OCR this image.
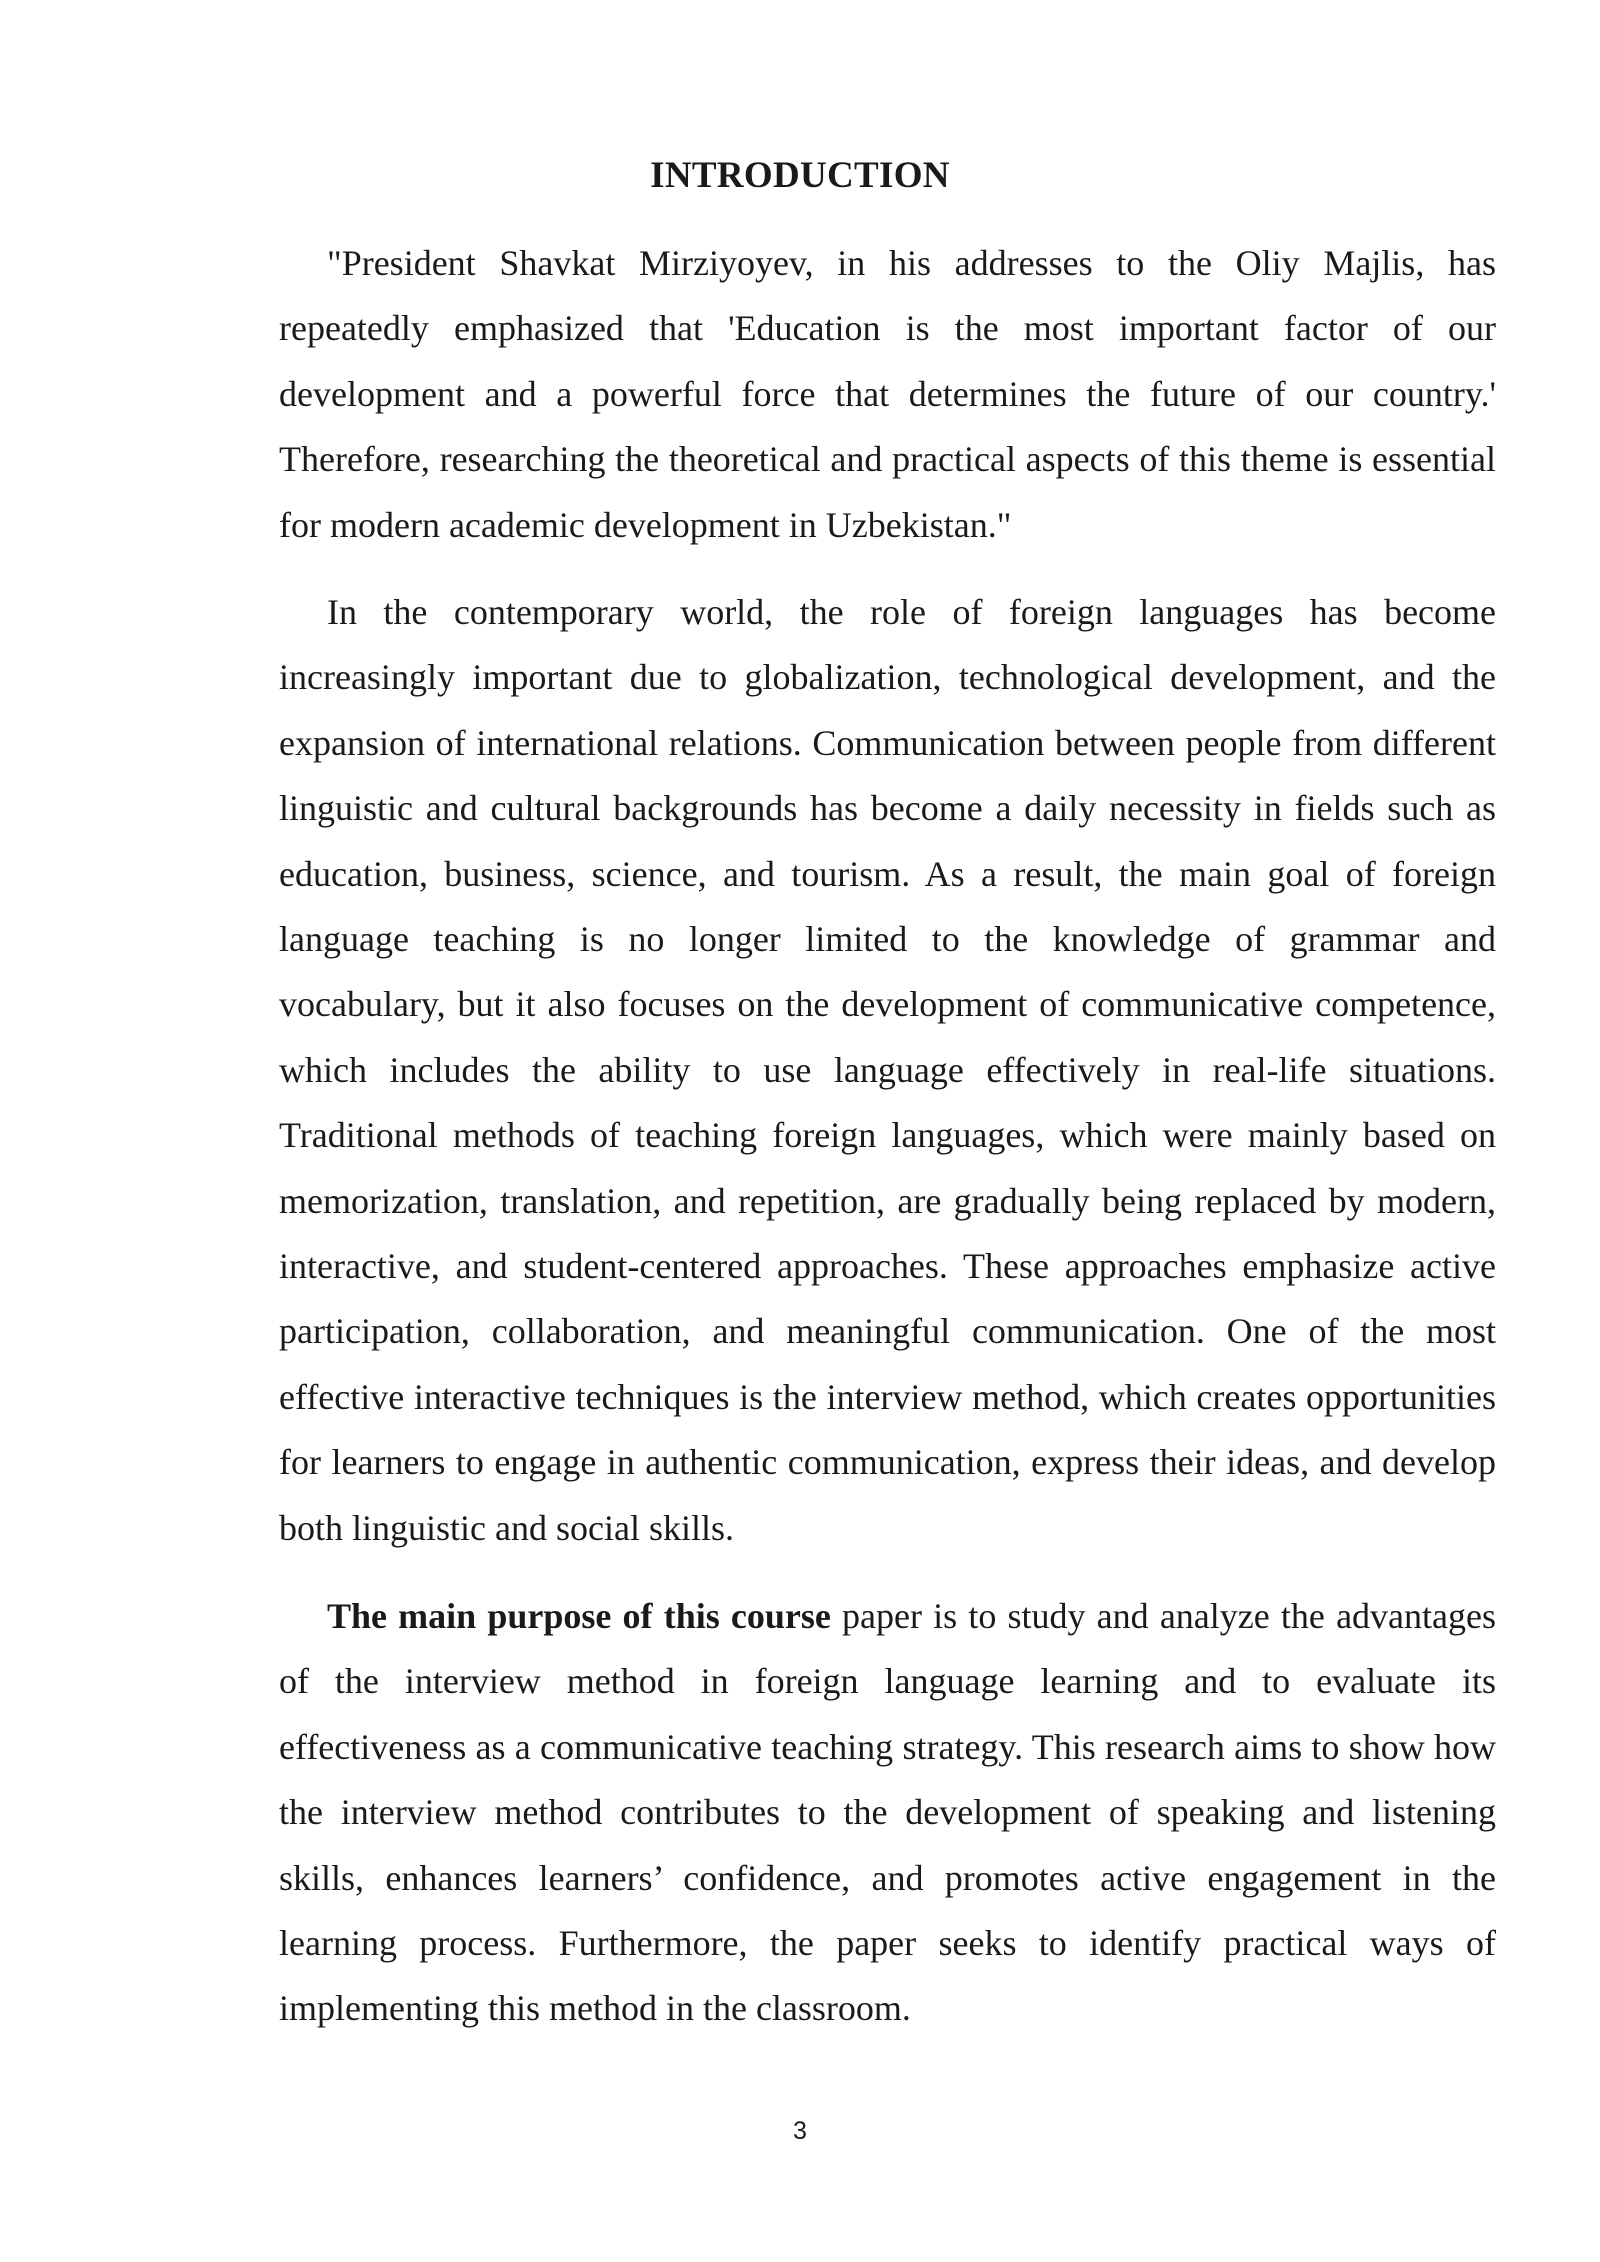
INTRODUCTION

"President Shavkat Mirziyoyev, in his addresses to the Oliy Majlis, has repeatedly emphasized that 'Education is the most important factor of our development and a powerful force that determines the future of our country.' Therefore, researching the theoretical and practical aspects of this theme is essential for modern academic development in Uzbekistan."

In the contemporary world, the role of foreign languages has become increasingly important due to globalization, technological development, and the expansion of international relations. Communication between people from different linguistic and cultural backgrounds has become a daily necessity in fields such as education, business, science, and tourism. As a result, the main goal of foreign language teaching is no longer limited to the knowledge of grammar and vocabulary, but it also focuses on the development of communicative competence, which includes the ability to use language effectively in real-life situations. Traditional methods of teaching foreign languages, which were mainly based on memorization, translation, and repetition, are gradually being replaced by modern, interactive, and student-centered approaches. These approaches emphasize active participation, collaboration, and meaningful communication. One of the most effective interactive techniques is the interview method, which creates opportunities for learners to engage in authentic communication, express their ideas, and develop both linguistic and social skills.

The main purpose of this course paper is to study and analyze the advantages of the interview method in foreign language learning and to evaluate its effectiveness as a communicative teaching strategy. This research aims to show how the interview method contributes to the development of speaking and listening skills, enhances learners’ confidence, and promotes active engagement in the learning process. Furthermore, the paper seeks to identify practical ways of implementing this method in the classroom.

3
